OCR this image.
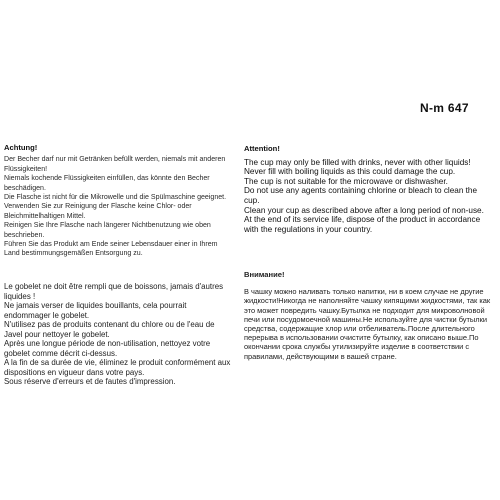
N-m 647
Achtung!

Der Becher darf nur mit Getränken befüllt werden, niemals mit anderen Flüssigkeiten!

Niemals kochende Flüssigkeiten einfüllen, das könnte den Becher beschädigen.

Die Flasche ist nicht für die Mikrowelle und die Spülmaschine geeignet.

Verwenden Sie zur Reinigung der Flasche keine Chlor- oder Bleichmittelhaltigen Mittel.

Reinigen Sie Ihre Flasche nach längerer Nichtbenutzung wie oben beschrieben.

Führen Sie das Produkt am Ende seiner Lebensdauer einer in Ihrem Land bestimmungsgemäßen Entsorgung zu.

Attention!

The cup may only be filled with drinks, never with other liquids!

Never fill with boiling liquids as this could damage the cup.

The cup is not suitable for the microwave or dishwasher.

Do not use any agents containing chlorine or bleach to clean the cup.

Clean your cup as described above after a long period of non-use.

At the end of its service life, dispose of the product in accordance with the regulations in your country.

Le gobelet ne doit être rempli que de boissons, jamais d'autres liquides !

Ne jamais verser de liquides bouillants, cela pourrait endommager le gobelet.

N'utilisez pas de produits contenant du chlore ou de l'eau de Javel pour nettoyer le gobelet.

Après une longue période de non-utilisation, nettoyez votre gobelet comme décrit ci-dessus.

A la fin de sa durée de vie, éliminez le produit conformément aux dispositions en vigueur dans votre pays.

Sous réserve d'erreurs et de fautes d'impression.

Внимание!

В чашку можно наливать только напитки, ни в коем случае не другие жидкости!Никогда не наполняйте чашку кипящими жидкостями, так как это может повредить чашку.Бутылка не подходит для микроволновой печи или посудомоечной машины.Не используйте для чистки бутылки средства, содержащие хлор или отбеливатель.После длительного перерыва в использовании очистите бутылку, как описано выше.По окончании срока службы утилизируйте изделие в соответствии с правилами, действующими в вашей стране.
